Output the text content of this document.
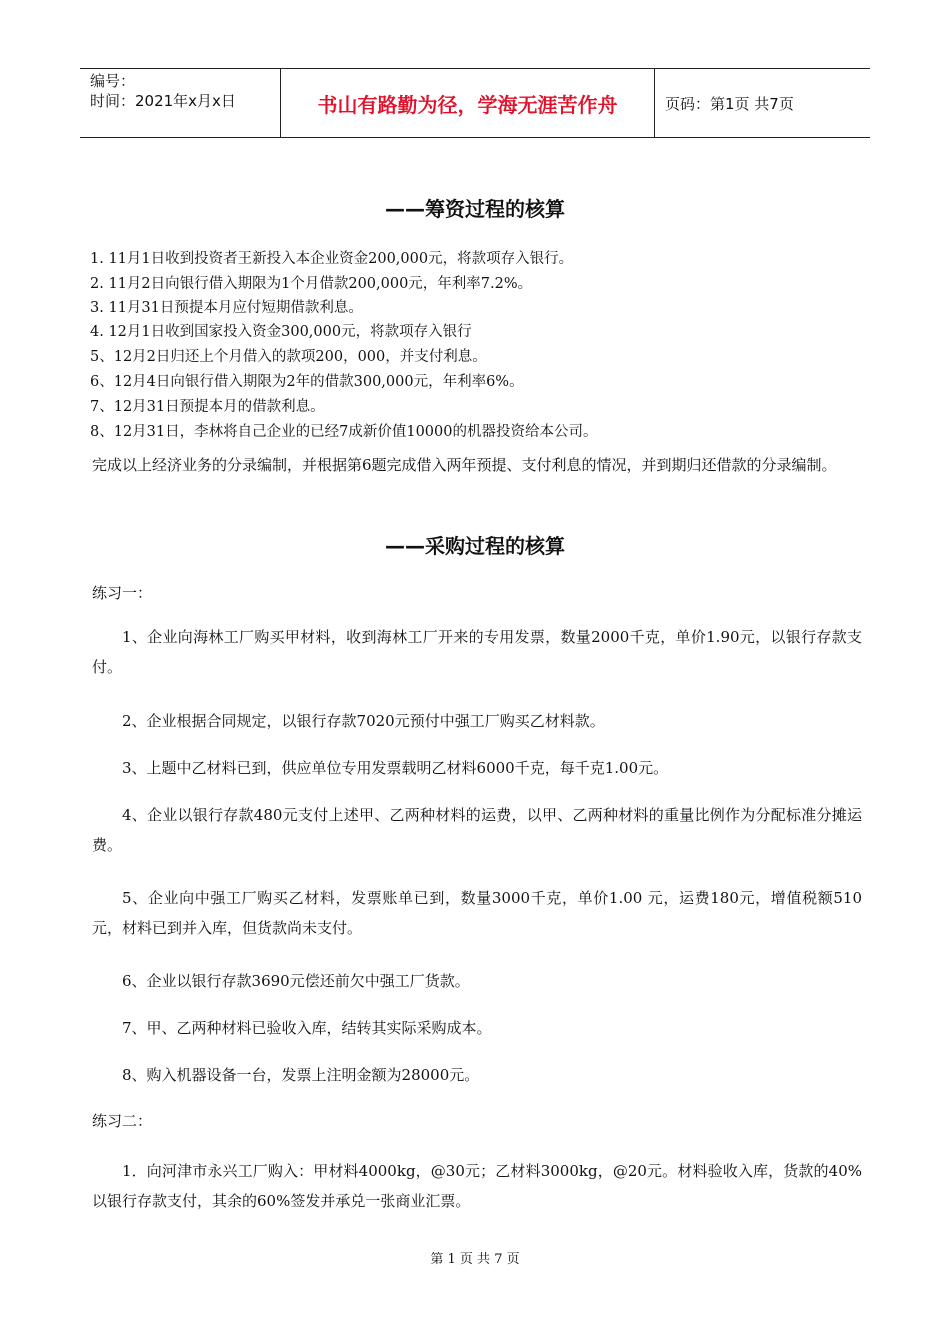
编号：
时间：2021年x月x日	书山有路勤为径，学海无涯苦作舟	页码：第1页 共7页
——筹资过程的核算
1. 11月1日收到投资者王新投入本企业资金200,000元，将款项存入银行。
2. 11月2日向银行借入期限为1个月借款200,000元，年利率7.2%。
3. 11月31日预提本月应付短期借款利息。
4. 12月1日收到国家投入资金300,000元，将款项存入银行
5、12月2日归还上个月借入的款项200，000，并支付利息。
6、12月4日向银行借入期限为2年的借款300,000元，年利率6%。
7、12月31日预提本月的借款利息。
8、12月31日，李林将自己企业的已经7成新价值10000的机器投资给本公司。
完成以上经济业务的分录编制，并根据第6题完成借入两年预提、支付利息的情况，并到期归还借款的分录编制。
——采购过程的核算
练习一：
1、企业向海林工厂购买甲材料，收到海林工厂开来的专用发票，数量2000千克，单价1.90元，以银行存款支付。
2、企业根据合同规定，以银行存款7020元预付中强工厂购买乙材料款。
3、上题中乙材料已到，供应单位专用发票载明乙材料6000千克，每千克1.00元。
4、企业以银行存款480元支付上述甲、乙两种材料的运费，以甲、乙两种材料的重量比例作为分配标准分摊运费。
5、企业向中强工厂购买乙材料，发票账单已到，数量3000千克，单价1.00 元，运费180元，增值税额510元，材料已到并入库，但货款尚未支付。
6、企业以银行存款3690元偿还前欠中强工厂货款。
7、甲、乙两种材料已验收入库，结转其实际采购成本。
8、购入机器设备一台，发票上注明金额为28000元。
练习二：
1．向河津市永兴工厂购入：甲材料4000kg，@30元；乙材料3000kg，@20元。材料验收入库，货款的40%以银行存款支付，其余的60%签发并承兑一张商业汇票。
第 1 页 共 7 页
